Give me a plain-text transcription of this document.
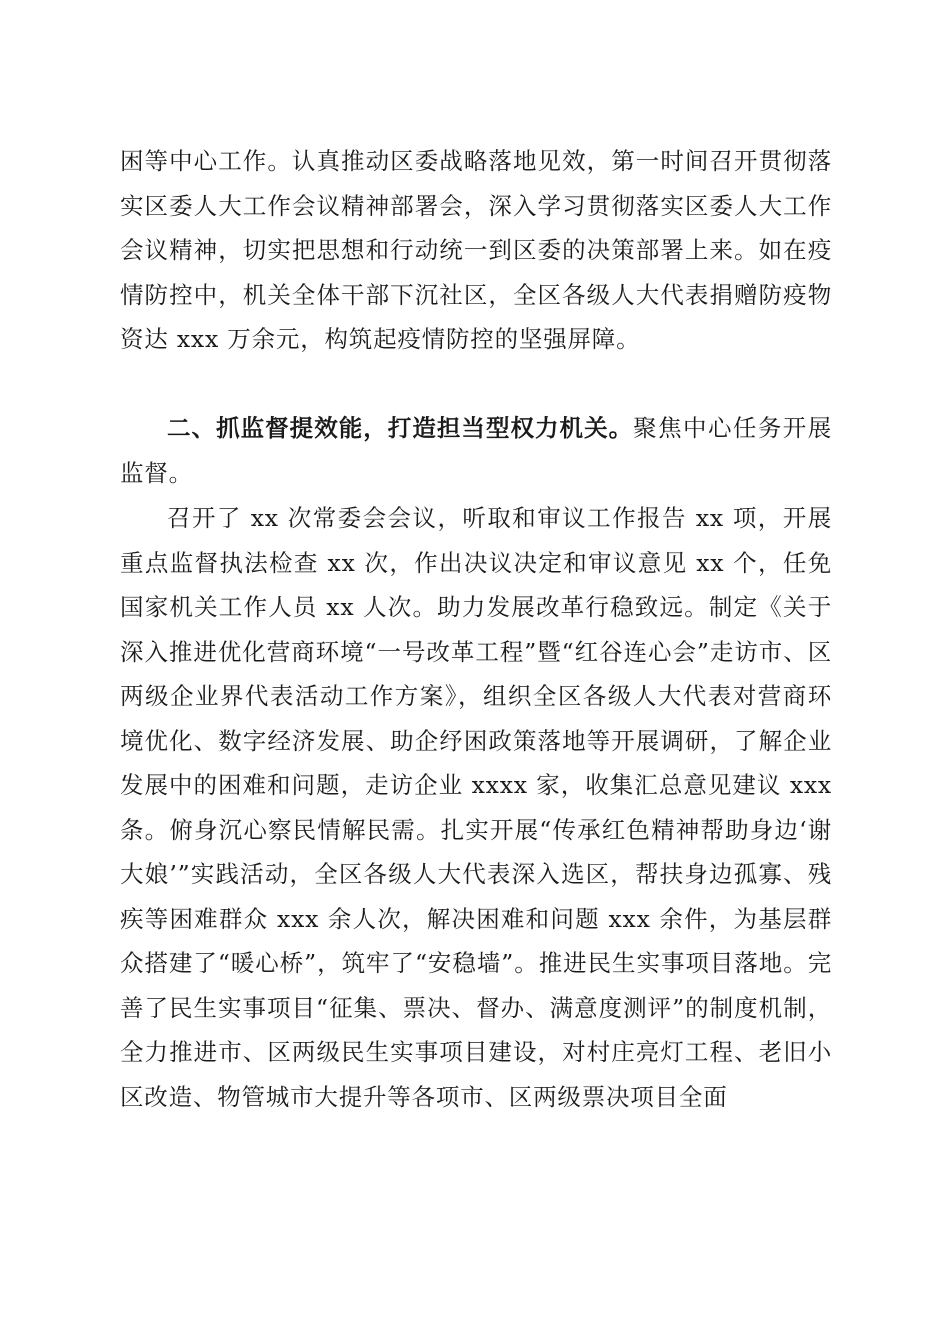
困等中心工作。认真推动区委战略落地见效，第一时间召开贯彻落实区委人大工作会议精神部署会，深入学习贯彻落实区委人大工作会议精神，切实把思想和行动统一到区委的决策部署上来。如在疫情防控中，机关全体干部下沉社区，全区各级人大代表捐赠防疫物资达 xxx 万余元，构筑起疫情防控的坚强屏障。

二、抓监督提效能，打造担当型权力机关。聚焦中心任务开展监督。

召开了 xx 次常委会会议，听取和审议工作报告 xx 项，开展重点监督执法检查 xx 次，作出决议决定和审议意见 xx 个，任免国家机关工作人员 xx 人次。助力发展改革行稳致远。制定《关于深入推进优化营商环境“一号改革工程”暨“红谷连心会”走访市、区两级企业界代表活动工作方案》，组织全区各级人大代表对营商环境优化、数字经济发展、助企纾困政策落地等开展调研，了解企业发展中的困难和问题，走访企业 xxxx 家，收集汇总意见建议 xxx 条。俯身沉心察民情解民需。扎实开展“传承红色精神帮助身边‘谢大娘’”实践活动，全区各级人大代表深入选区，帮扶身边孤寡、残疾等困难群众 xxx 余人次，解决困难和问题 xxx 余件，为基层群众搭建了“暖心桥”，筑牢了“安稳墙”。推进民生实事项目落地。完善了民生实事项目“征集、票决、督办、满意度测评”的制度机制，全力推进市、区两级民生实事项目建设，对村庄亮灯工程、老旧小区改造、物管城市大提升等各项市、区两级票决项目全面
